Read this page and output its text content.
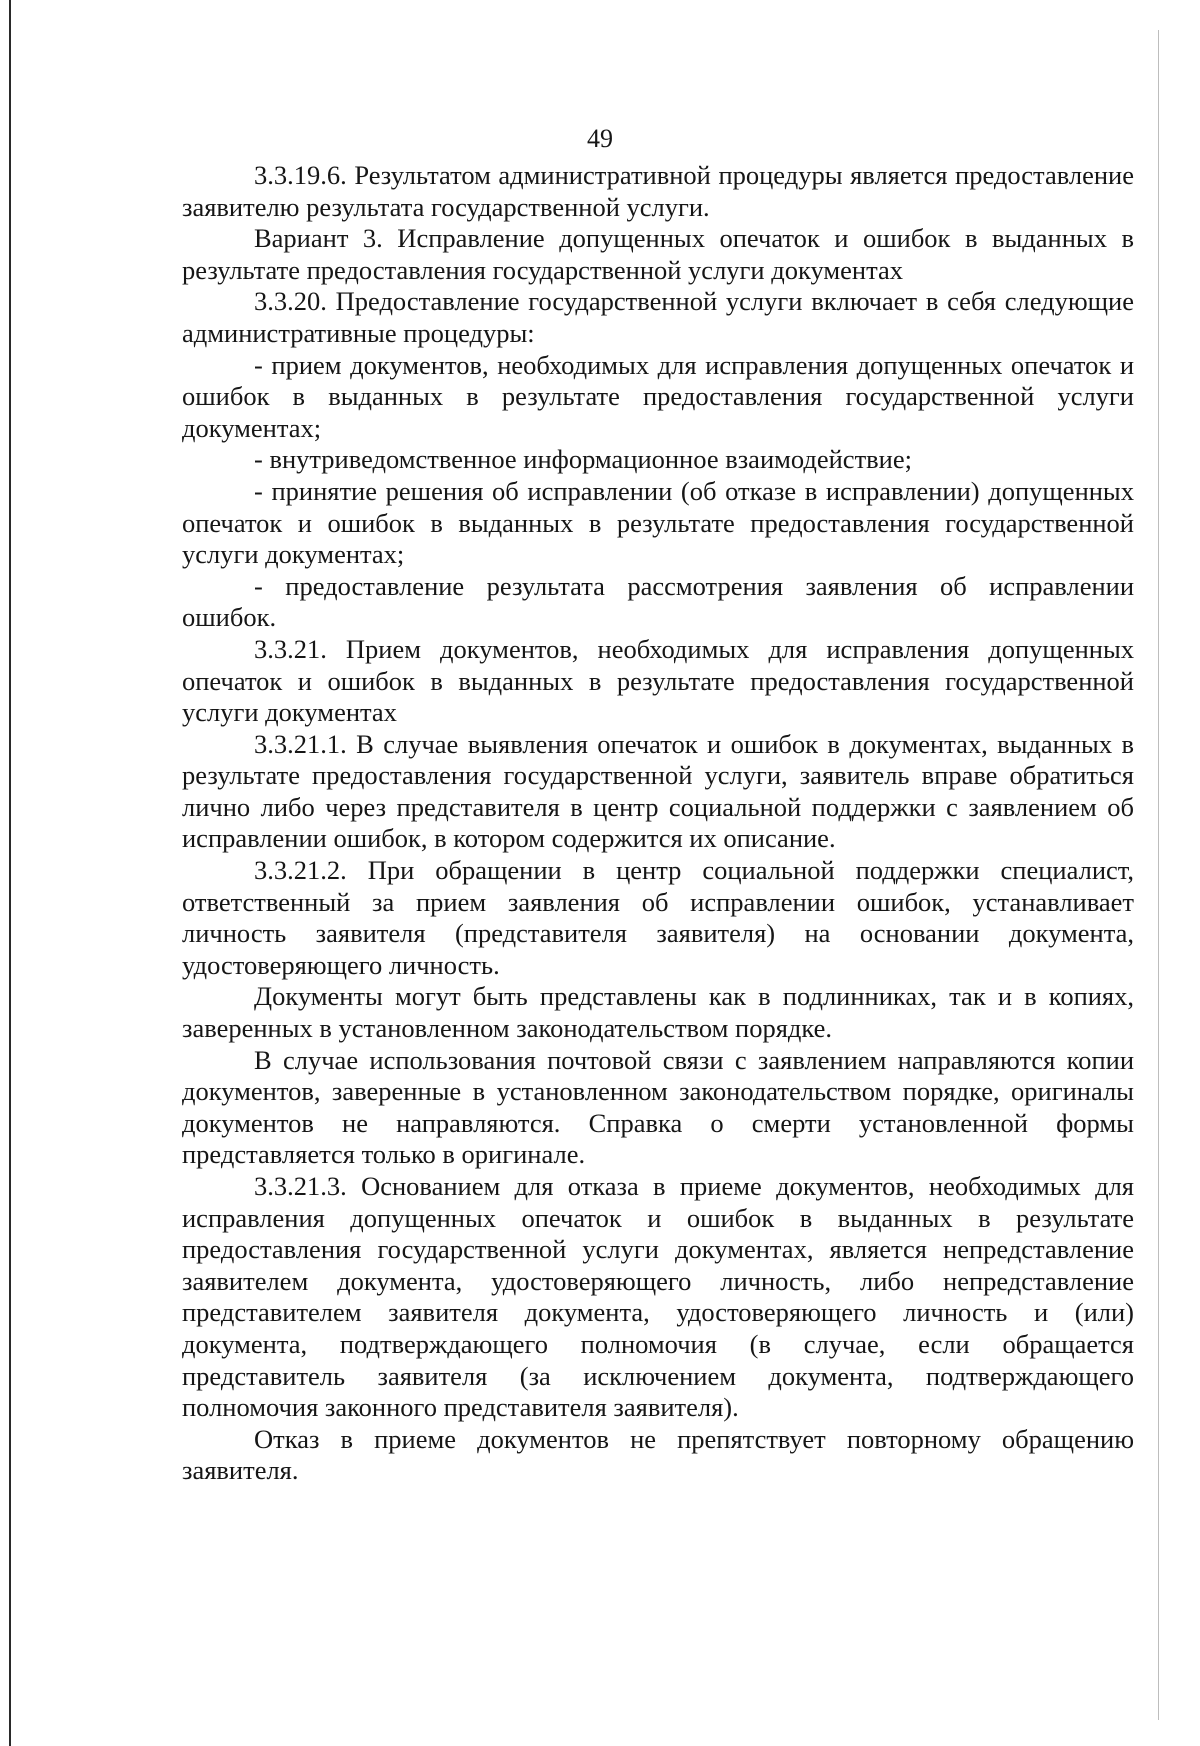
49

3.3.19.6. Результатом административной процедуры является предоставление заявителю результата государственной услуги.

Вариант 3. Исправление допущенных опечаток и ошибок в выданных в результате предоставления государственной услуги документах

3.3.20. Предоставление государственной услуги включает в себя следующие административные процедуры:

- прием документов, необходимых для исправления допущенных опечаток и ошибок в выданных в результате предоставления государственной услуги документах;

- внутриведомственное информационное взаимодействие;

- принятие решения об исправлении (об отказе в исправлении) допущенных опечаток и ошибок в выданных в результате предоставления государственной услуги документах;

- предоставление результата рассмотрения заявления об исправлении ошибок.

3.3.21. Прием документов, необходимых для исправления допущенных опечаток и ошибок в выданных в результате предоставления государственной услуги документах

3.3.21.1. В случае выявления опечаток и ошибок в документах, выданных в результате предоставления государственной услуги, заявитель вправе обратиться лично либо через представителя в центр социальной поддержки с заявлением об исправлении ошибок, в котором содержится их описание.

3.3.21.2. При обращении в центр социальной поддержки специалист, ответственный за прием заявления об исправлении ошибок, устанавливает личность заявителя (представителя заявителя) на основании документа, удостоверяющего личность.

Документы могут быть представлены как в подлинниках, так и в копиях, заверенных в установленном законодательством порядке.

В случае использования почтовой связи с заявлением направляются копии документов, заверенные в установленном законодательством порядке, оригиналы документов не направляются. Справка о смерти установленной формы представляется только в оригинале.

3.3.21.3. Основанием для отказа в приеме документов, необходимых для исправления допущенных опечаток и ошибок в выданных в результате предоставления государственной услуги документах, является непредставление заявителем документа, удостоверяющего личность, либо непредставление представителем заявителя документа, удостоверяющего личность и (или) документа, подтверждающего полномочия (в случае, если обращается представитель заявителя (за исключением документа, подтверждающего полномочия законного представителя заявителя).

Отказ в приеме документов не препятствует повторному обращению заявителя.
